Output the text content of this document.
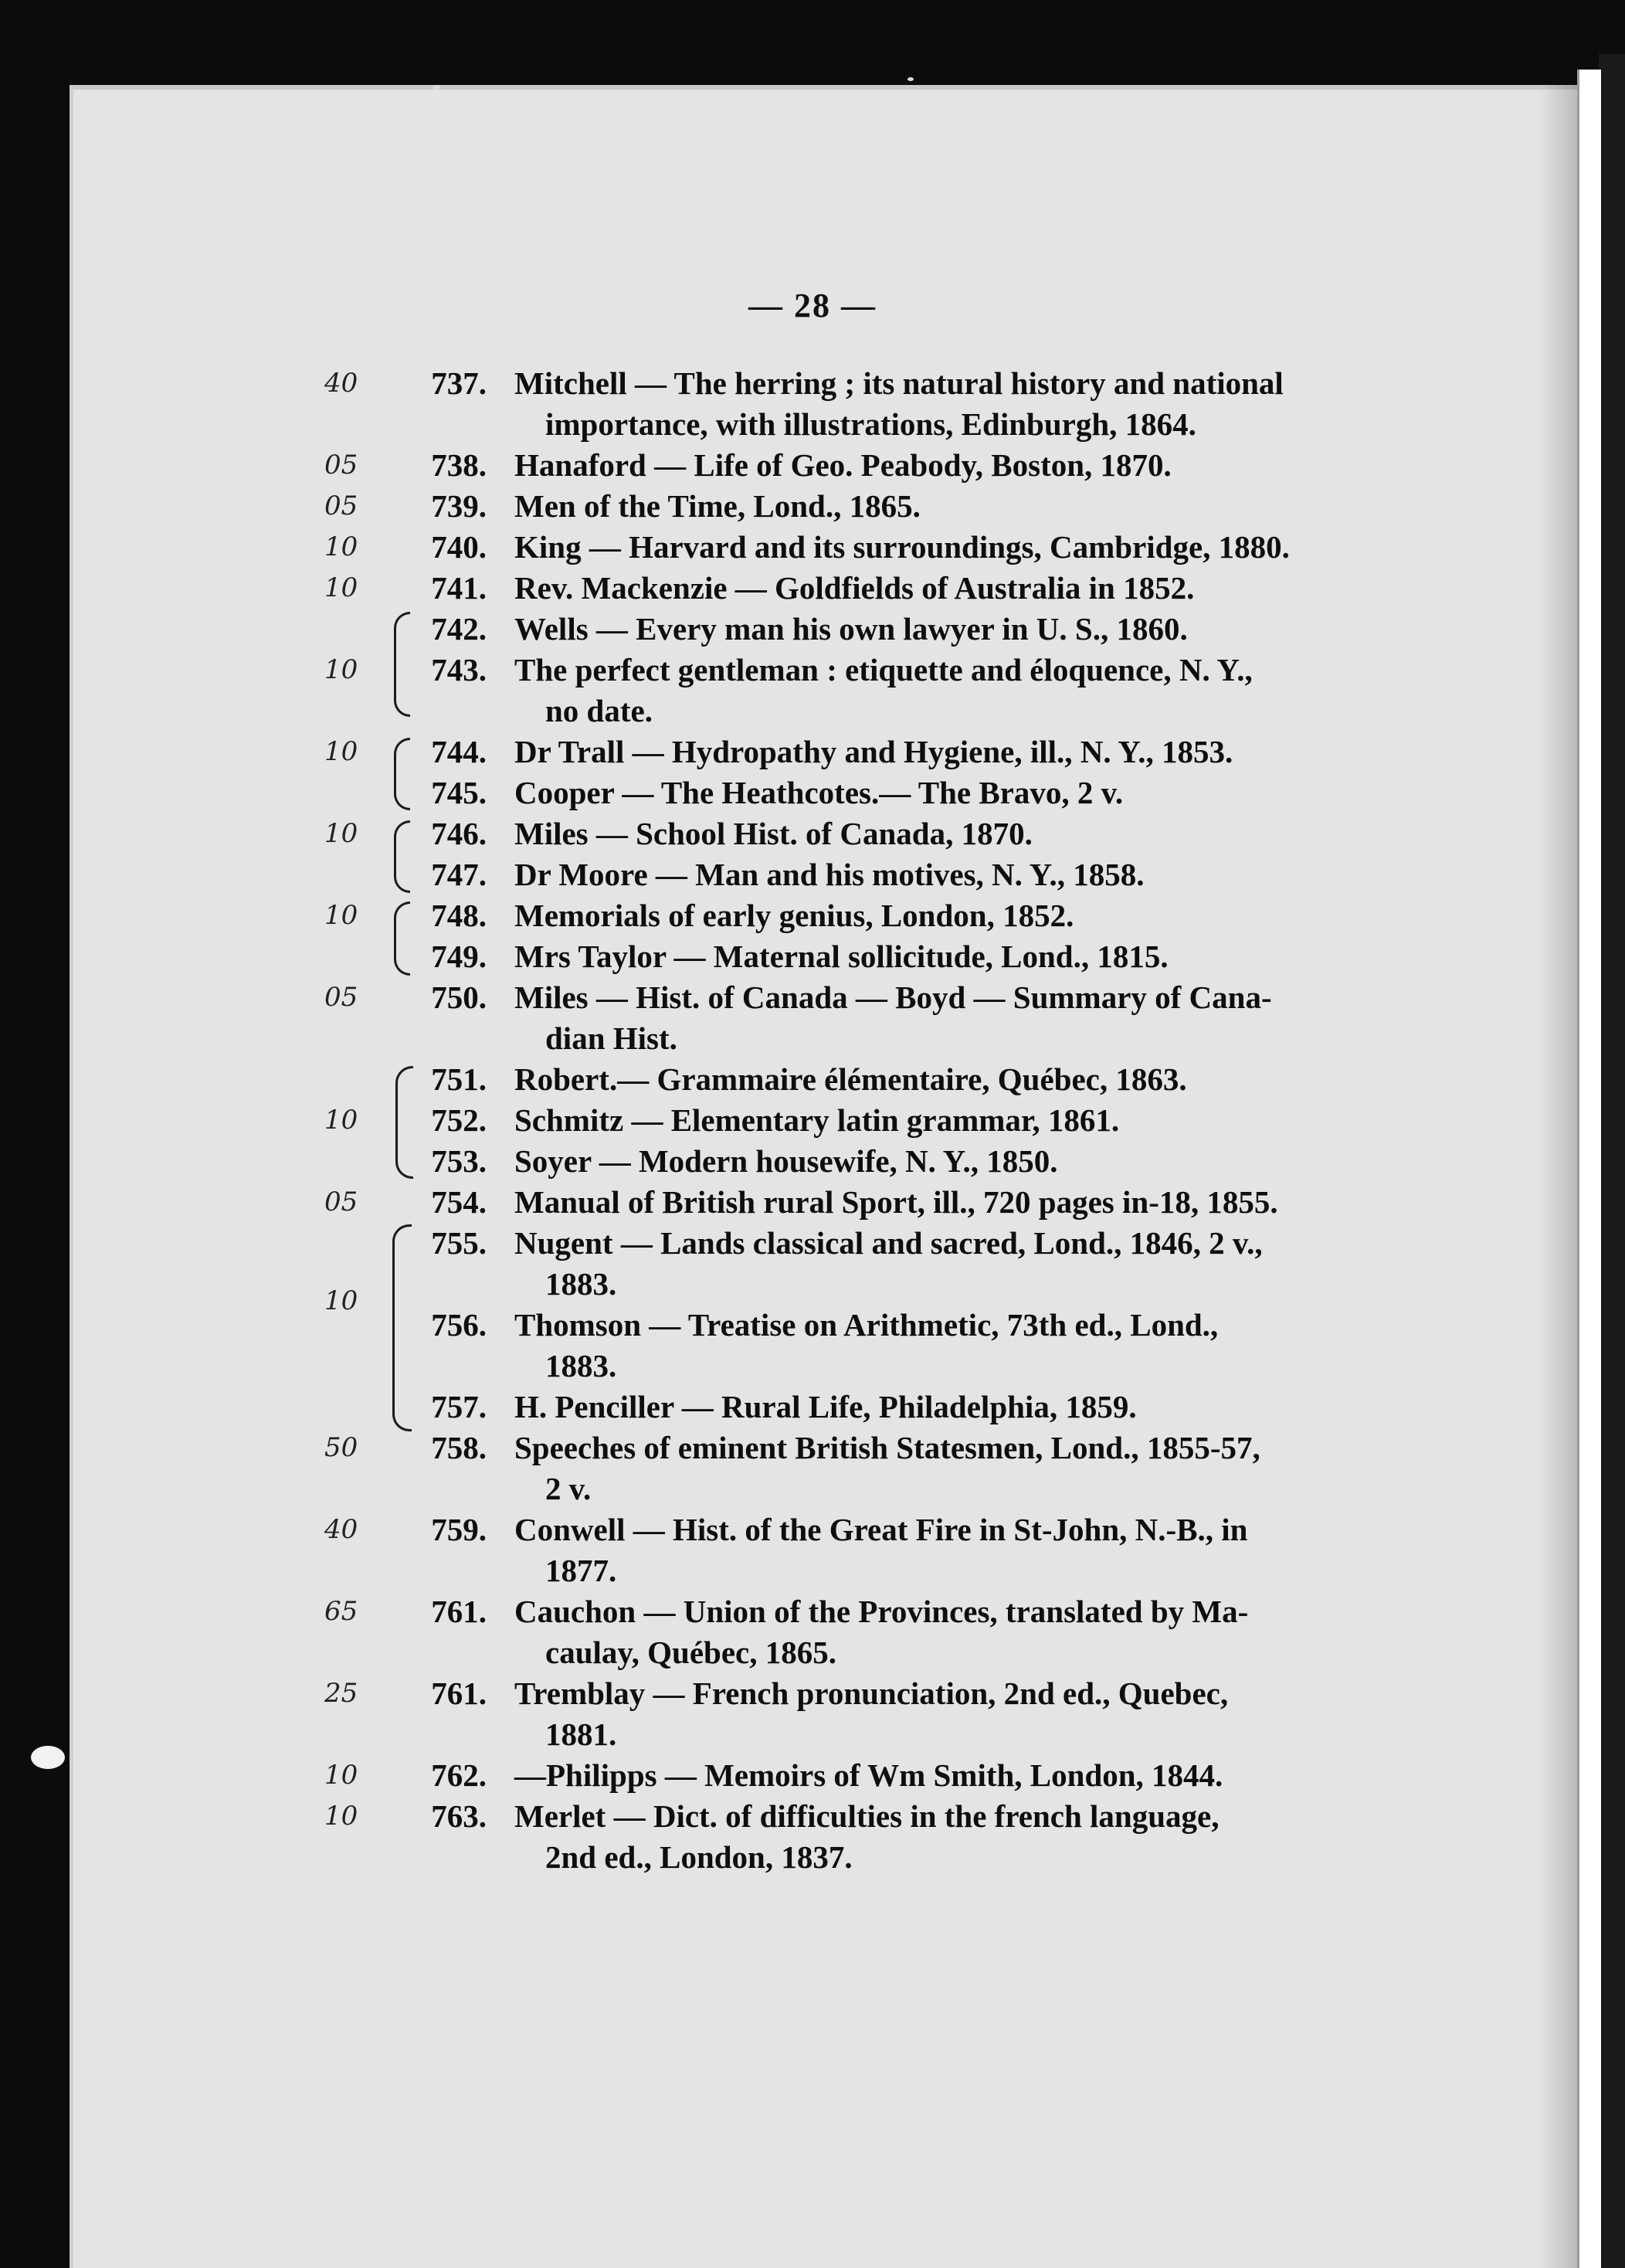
— 28 —
40	737. Mitchell — The herring ; its natural history and national
importance, with illustrations, Edinburgh, 1864.
05	738. Hanaford — Life of Geo. Peabody, Boston, 1870.
05	739. Men of the Time, Lond., 1865.
10	740. King — Harvard and its surroundings, Cambridge, 1880.
10	741. Rev. Mackenzie — Goldfields of Australia in 1852.
742. Wells — Every man his own lawyer in U. S., 1860.
10	743. The perfect gentleman : etiquette and éloquence, N. Y.,
no date.
10	744. Dr Trall — Hydropathy and Hygiene, ill., N. Y., 1853.
745. Cooper — The Heathcotes.— The Bravo, 2 v.
10	746. Miles — School Hist. of Canada, 1870.
747. Dr Moore — Man and his motives, N. Y., 1858.
10	748. Memorials of early genius, London, 1852.
749. Mrs Taylor — Maternal sollicitude, Lond., 1815.
05	750. Miles — Hist. of Canada — Boyd — Summary of Cana-
dian Hist.
751. Robert.— Grammaire élémentaire, Québec, 1863.
10	752. Schmitz — Elementary latin grammar, 1861.
753. Soyer — Modern housewife, N. Y., 1850.
05	754. Manual of British rural Sport, ill., 720 pages in-18, 1855.
755. Nugent — Lands classical and sacred, Lond., 1846, 2 v.,
1883.
756. Thomson — Treatise on Arithmetic, 73th ed., Lond.,
1883.
757. H. Penciller — Rural Life, Philadelphia, 1859.
50	758. Speeches of eminent British Statesmen, Lond., 1855-57,
2 v.
40	759. Conwell — Hist. of the Great Fire in St-John, N.-B., in
1877.
65	761. Cauchon — Union of the Provinces, translated by Ma-
caulay, Québec, 1865.
25	761. Tremblay — French pronunciation, 2nd ed., Quebec,
1881.
10	762. —Philipps — Memoirs of Wm Smith, London, 1844.
10	763. Merlet — Dict. of difficulties in the french language,
2nd ed., London, 1837.
10
